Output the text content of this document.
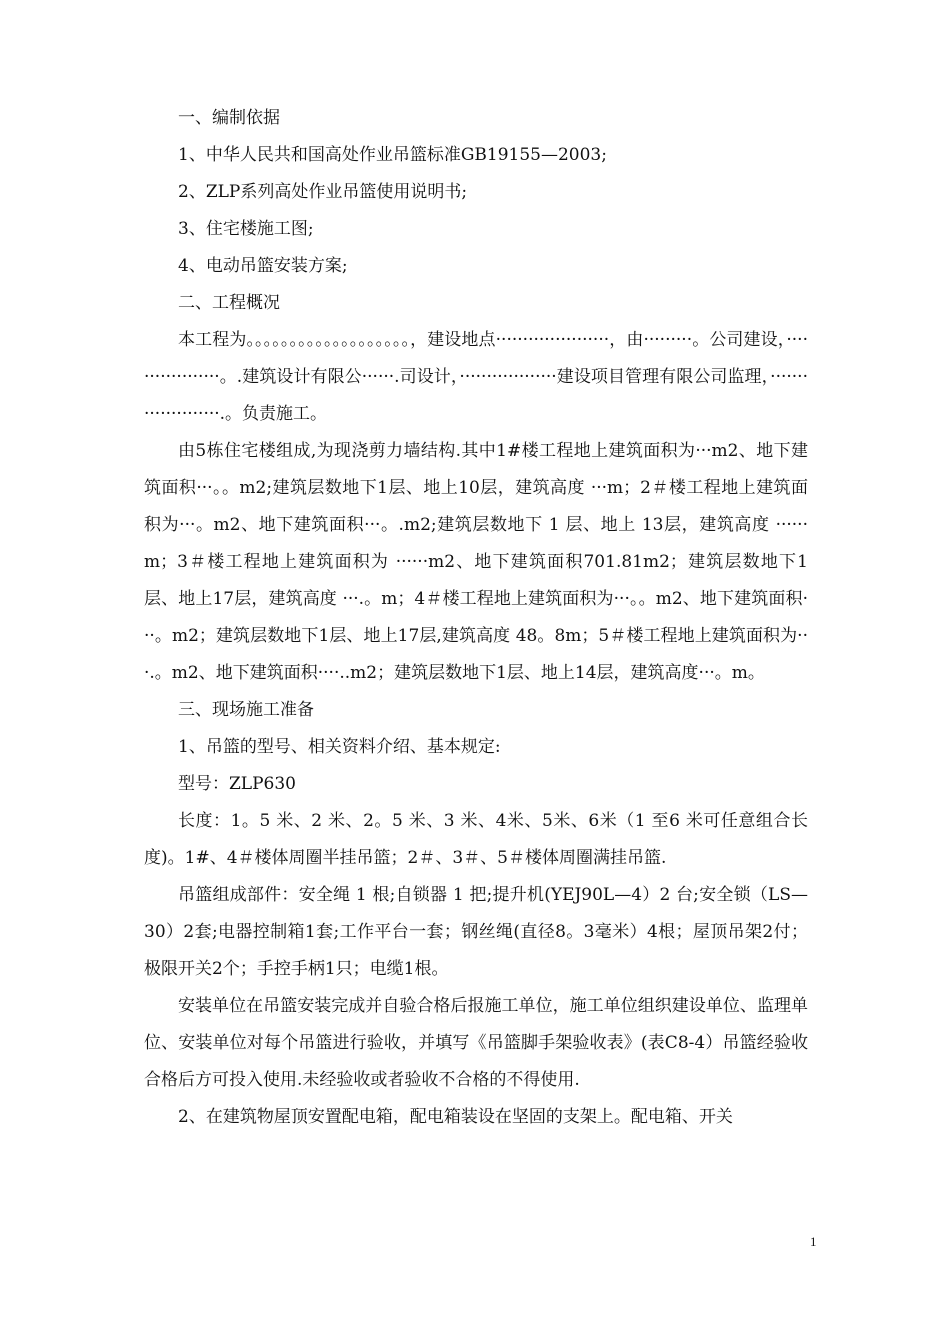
一、编制依据

1、中华人民共和国高处作业吊篮标准GB19155—2003;

2、ZLP系列高处作业吊篮使用说明书;

3、住宅楼施工图;

4、电动吊篮安装方案;

二、工程概况

本工程为。。。。。。。。。。。。。。。。。。。，建设地点·····················，由·········。公司建设，··················。.建筑设计有限公······.司设计，··················建设项目管理有限公司监理，·····················.。负责施工。

由5栋住宅楼组成,为现浇剪力墙结构.其中1#楼工程地上建筑面积为···m2、地下建筑面积···。。m2;建筑层数地下1层、地上10层，建筑高度 ···m；2＃楼工程地上建筑面积为···。m2、地下建筑面积···。.m2;建筑层数地下 1 层、地上 13层，建筑高度 ······m；3＃楼工程地上建筑面积为 ······m2、地下建筑面积701.81m2；建筑层数地下1层、地上17层，建筑高度 ···.。m；4＃楼工程地上建筑面积为···。。m2、地下建筑面积···。m2；建筑层数地下1层、地上17层,建筑高度 48。8m；5＃楼工程地上建筑面积为···.。m2、地下建筑面积····..m2；建筑层数地下1层、地上14层，建筑高度···。m。

三、现场施工准备

1、吊篮的型号、相关资料介绍、基本规定:

型号：ZLP630

长度：1。5 米、2 米、2。5 米、3 米、4米、5米、6米（1 至6 米可任意组合长度)。1#、4＃楼体周圈半挂吊篮；2＃、3＃、5＃楼体周圈满挂吊篮.

吊篮组成部件：安全绳 1 根;自锁器 1 把;提升机(YEJ90L—4）2 台;安全锁（LS—30）2套;电器控制箱1套;工作平台一套；钢丝绳(直径8。3毫米）4根；屋顶吊架2付；极限开关2个；手控手柄1只；电缆1根。

安装单位在吊篮安装完成并自验合格后报施工单位，施工单位组织建设单位、监理单位、安装单位对每个吊篮进行验收，并填写《吊篮脚手架验收表》(表C8-4）吊篮经验收合格后方可投入使用.未经验收或者验收不合格的不得使用.

2、在建筑物屋顶安置配电箱，配电箱装设在坚固的支架上。配电箱、开关

1
